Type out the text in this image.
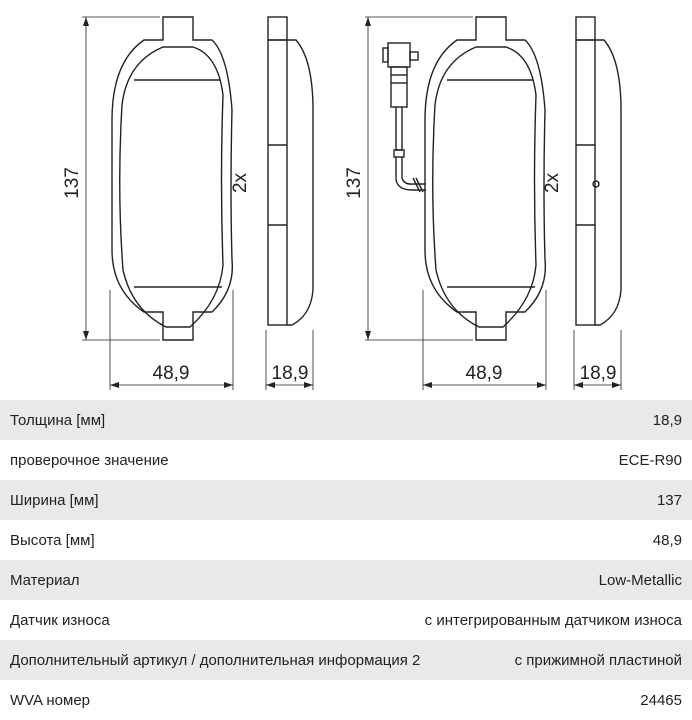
137
48,9
2x
18,9
137
48,9
2x
18,9
Толщина [мм]	18,9
проверочное значение	ECE-R90
Ширина [мм]	137
Высота [мм]	48,9
Материал	Low-Metallic
Датчик износа	с интегрированным датчиком износа
Дополнительный артикул / дополнительная информация 2	с прижимной пластиной
WVA номер	24465
